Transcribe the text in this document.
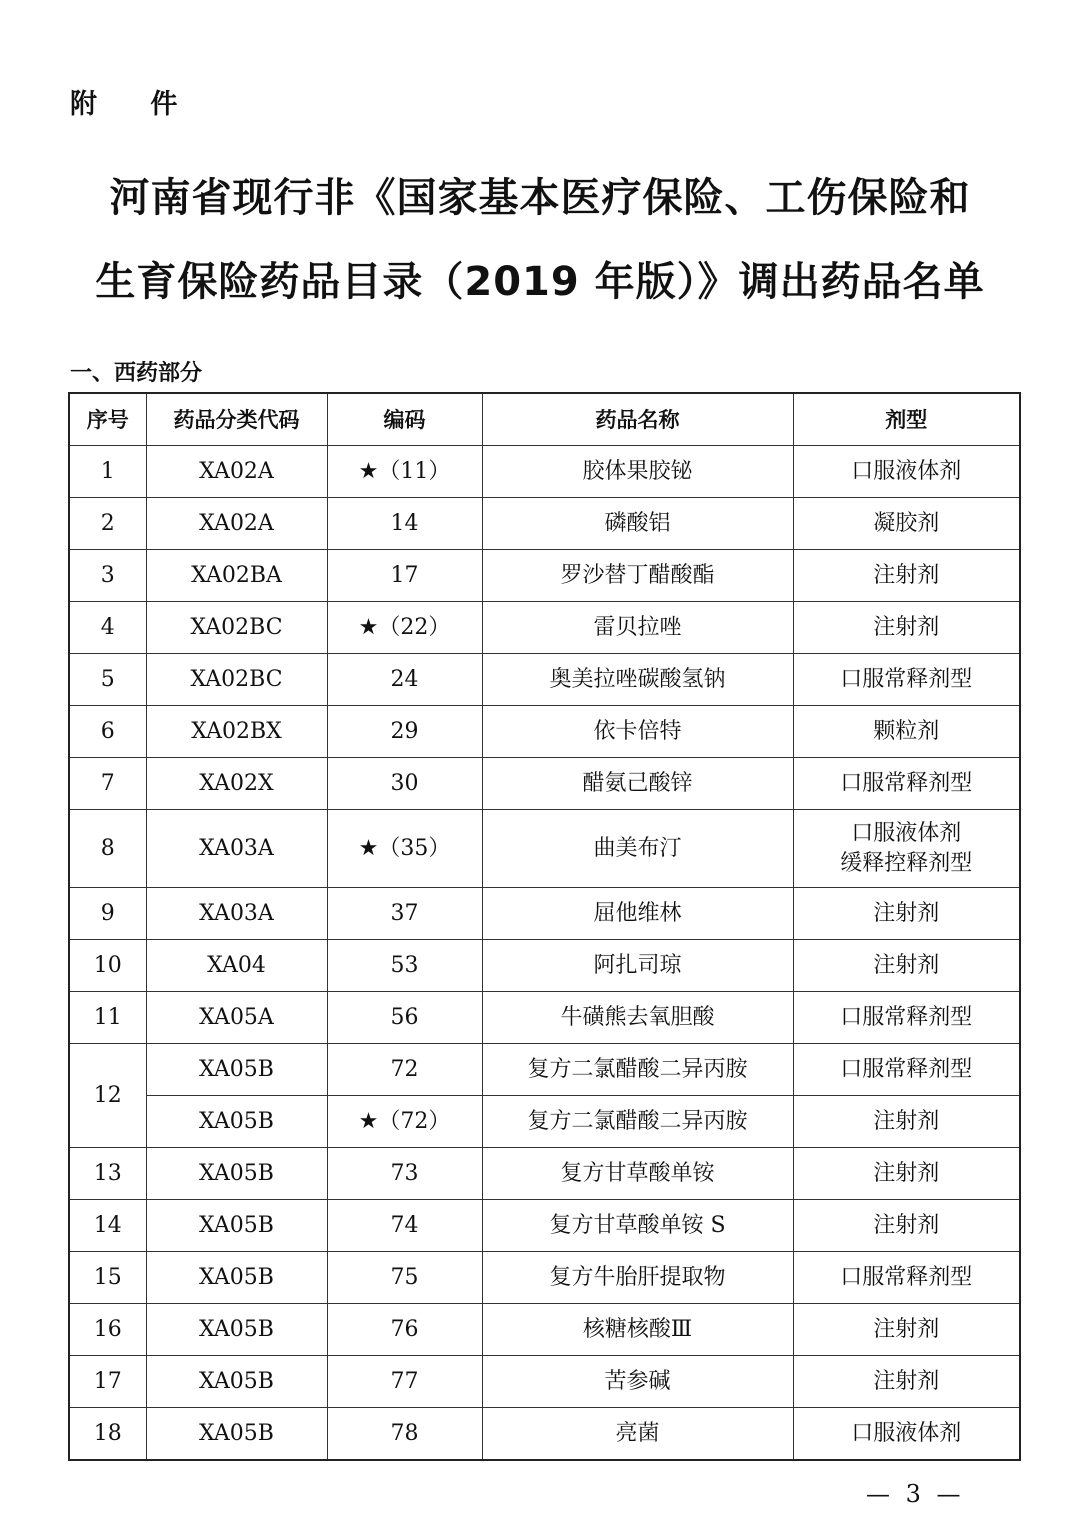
附 件
河南省现行非《国家基本医疗保险、工伤保险和
生育保险药品目录（2019 年版）》调出药品名单
一、西药部分
序号	药品分类代码	编码	药品名称	剂型
1	XA02A	★（11）	胶体果胶铋	口服液体剂

2	XA02A	14	磷酸铝	凝胶剂

3	XA02BA	17	罗沙替丁醋酸酯	注射剂

4	XA02BC	★（22）	雷贝拉唑	注射剂

5	XA02BC	24	奥美拉唑碳酸氢钠	口服常释剂型

6	XA02BX	29	依卡倍特	颗粒剂

7	XA02X	30	醋氨己酸锌	口服常释剂型

8	XA03A	★（35）	曲美布汀	口服液体剂
缓释控释剂型

9	XA03A	37	屈他维林	注射剂

10	XA04	53	阿扎司琼	注射剂

11	XA05A	56	牛磺熊去氧胆酸	口服常释剂型

12	XA05B	72	复方二氯醋酸二异丙胺	口服常释剂型

	XA05B	★（72）	复方二氯醋酸二异丙胺	注射剂

13	XA05B	73	复方甘草酸单铵	注射剂

14	XA05B	74	复方甘草酸单铵 S	注射剂

15	XA05B	75	复方牛胎肝提取物	口服常释剂型

16	XA05B	76	核糖核酸Ⅲ	注射剂

17	XA05B	77	苦参碱	注射剂

18	XA05B	78	亮菌	口服液体剂
— 3 —
